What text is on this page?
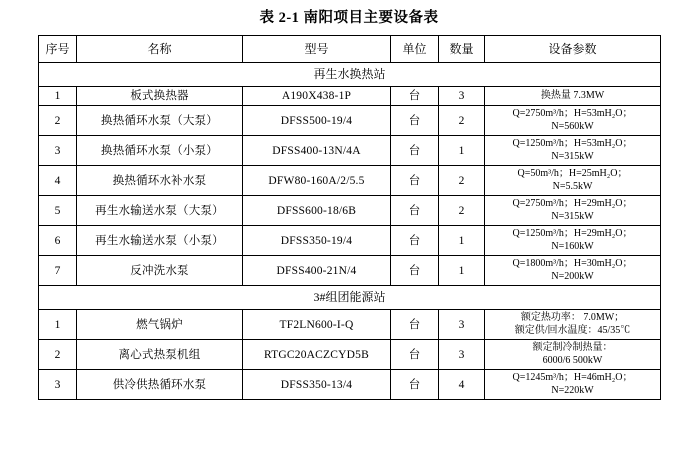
表 2-1 南阳项目主要设备表
序号	名称	型号	单位	数量	设备参数
再生水换热站					
1	板式换热器	A190X438-1P	台	3	换热量 7.3MW

2	换热循环水泵（大泵）	DFSS500-19/4	台	2	Q=2750m³/h；H=53mH₂O；
N=560kW

3	换热循环水泵（小泵）	DFSS400-13N/4A	台	1	Q=1250m³/h；H=53mH₂O；
N=315kW

4	换热循环水补水泵	DFW80-160A/2/5.5	台	2	Q=50m³/h；H=25mH₂O；
N=5.5kW

5	再生水输送水泵（大泵）	DFSS600-18/6B	台	2	Q=2750m³/h；H=29mH₂O；
N=315kW

6	再生水输送水泵（小泵）	DFSS350-19/4	台	1	Q=1250m³/h；H=29mH₂O；
N=160kW

7	反冲洗水泵	DFSS400-21N/4	台	1	Q=1800m³/h；H=30mH₂O；
N=200kW

3#组团能源站					
1	燃气锅炉	TF2LN600-I-Q	台	3	额定热功率： 7.0MW；
额定供/回水温度：45/35℃

2	离心式热泵机组	RTGC20ACZCYD5B	台	3	额定制冷制热量：
6000/6 500kW

3	供冷供热循环水泵	DFSS350-13/4	台	4	Q=1245m³/h；H=46mH₂O；
N=220kW
